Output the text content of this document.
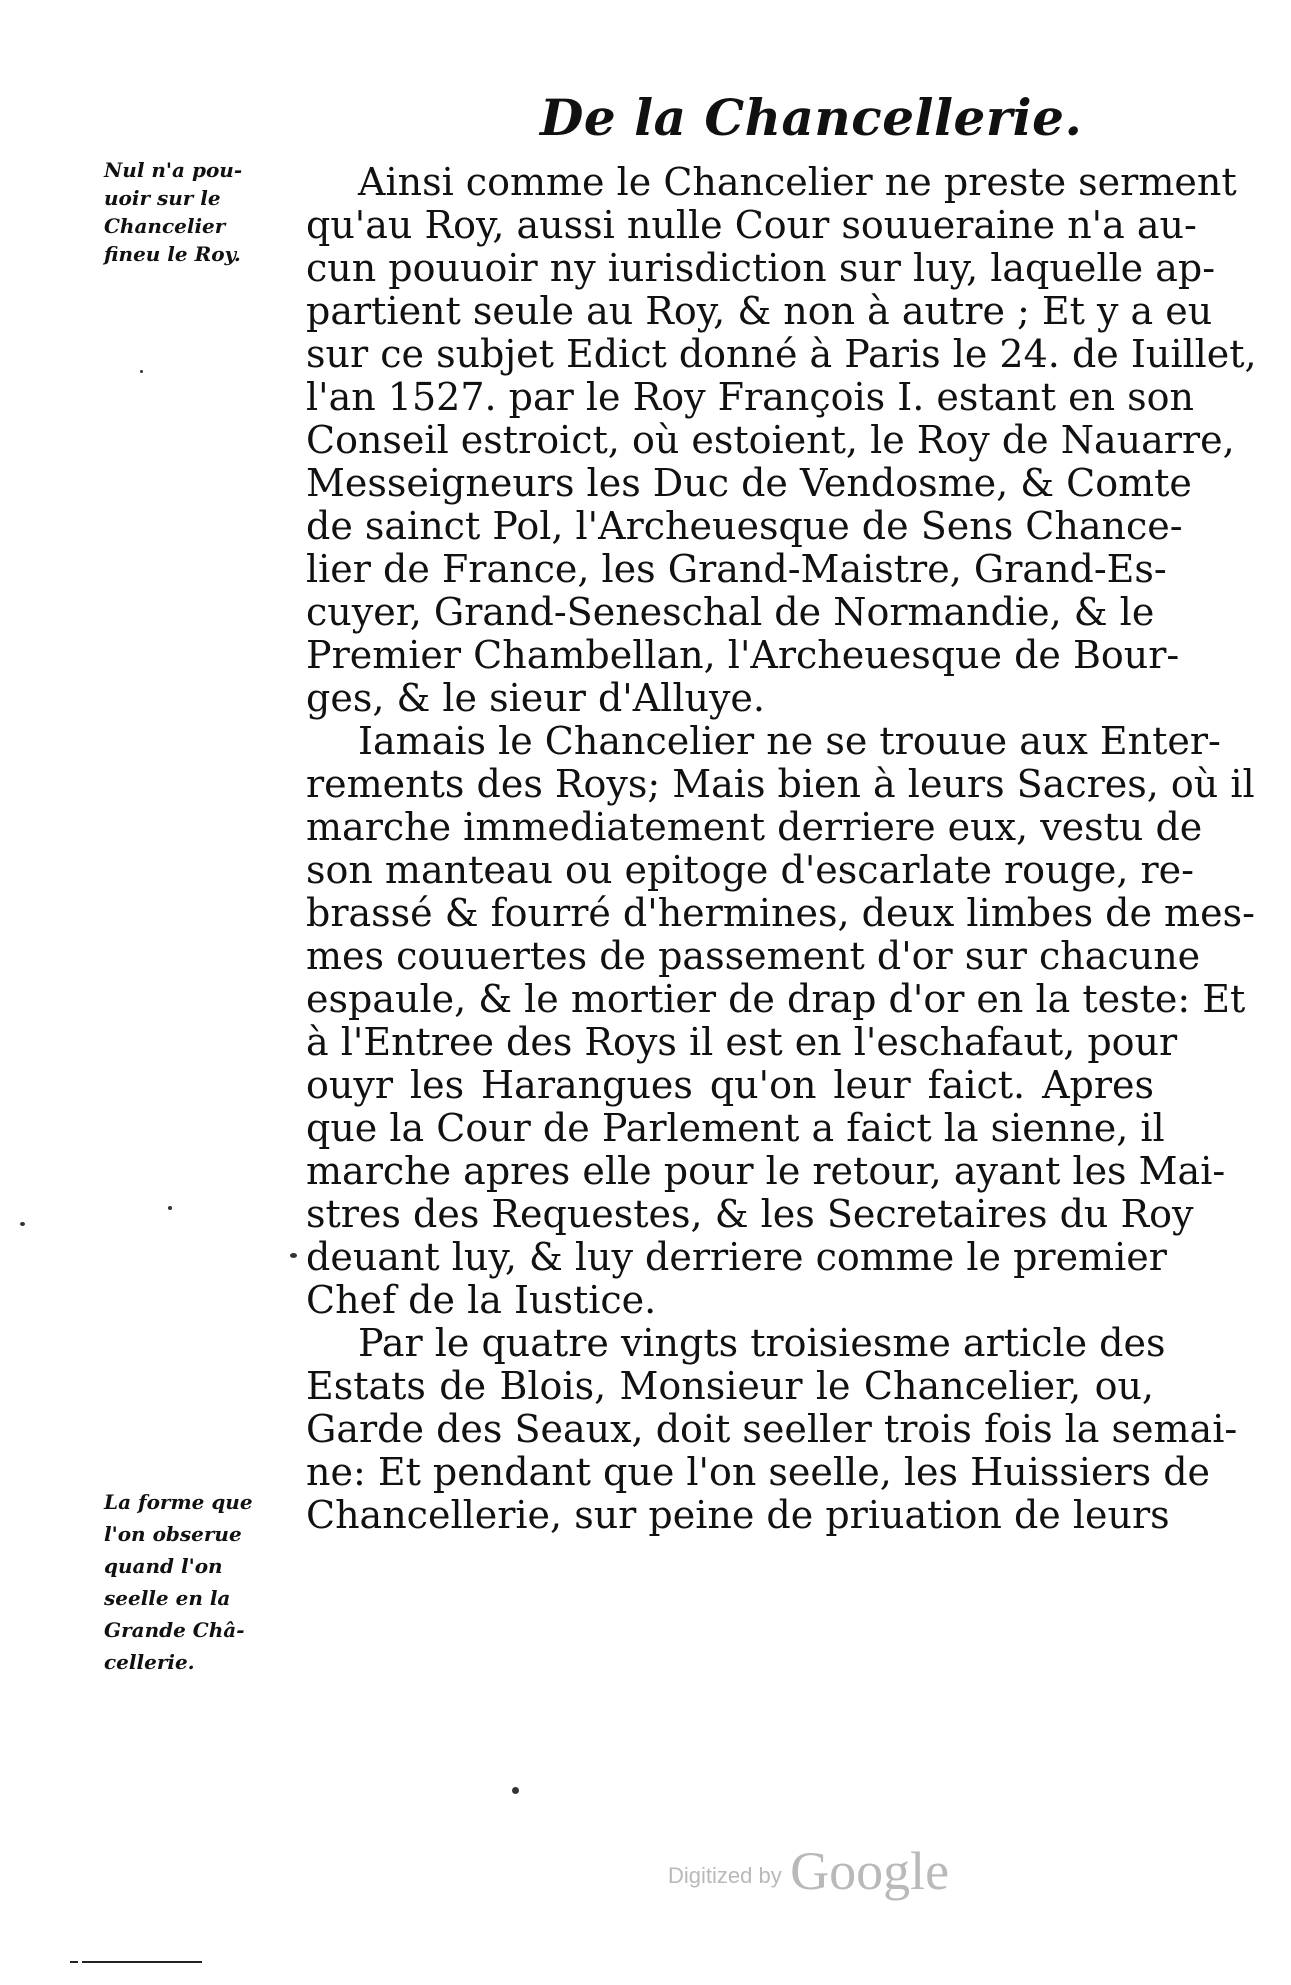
De la Chancellerie.
Nul n'a pou-
uoir sur le
Chancelier
fineu le Roy.
La forme que
l'on obserue
quand l'on
seelle en la
Grande Châ-
cellerie.
Ainsi comme le Chancelier ne preste serment
qu'au Roy, aussi nulle Cour souueraine n'a au-
cun pouuoir ny iurisdiction sur luy, laquelle ap-
partient seule au Roy, & non à autre ; Et y a eu
sur ce subjet Edict donné à Paris le 24. de Iuillet,
l'an 1527. par le Roy François I. estant en son
Conseil estroict, où estoient, le Roy de Nauarre,
Messeigneurs les Duc de Vendosme, & Comte
de sainct Pol, l'Archeuesque de Sens Chance-
lier de France, les Grand-Maistre, Grand-Es-
cuyer, Grand-Seneschal de Normandie, & le
Premier Chambellan, l'Archeuesque de Bour-
ges, & le sieur d'Alluye.
Iamais le Chancelier ne se trouue aux Enter-
rements des Roys; Mais bien à leurs Sacres, où il
marche immediatement derriere eux, vestu de
son manteau ou epitoge d'escarlate rouge, re-
brassé & fourré d'hermines, deux limbes de mes-
mes couuertes de passement d'or sur chacune
espaule, & le mortier de drap d'or en la teste: Et
à l'Entree des Roys il est en l'eschafaut, pour
ouyr les Harangues qu'on leur faict. Apres
que la Cour de Parlement a faict la sienne, il
marche apres elle pour le retour, ayant les Mai-
stres des Requestes, & les Secretaires du Roy
deuant luy, & luy derriere comme le premier
Chef de la Iustice.
Par le quatre vingts troisiesme article des
Estats de Blois, Monsieur le Chancelier, ou,
Garde des Seaux, doit seeller trois fois la semai-
ne: Et pendant que l'on seelle, les Huissiers de
Chancellerie, sur peine de priuation de leurs
Digitized by Google
